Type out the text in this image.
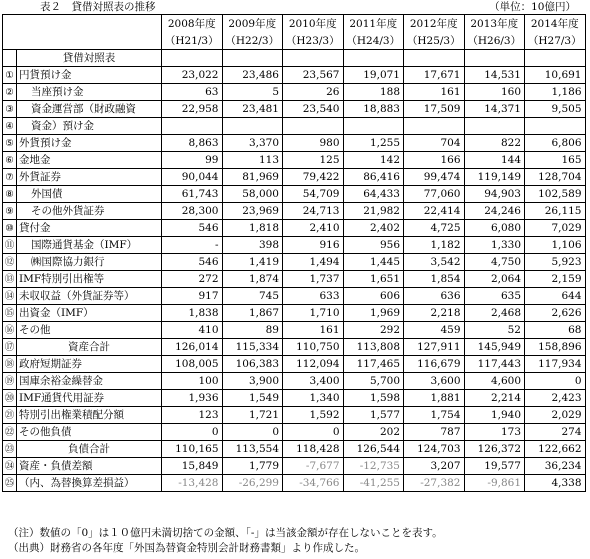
表２　貸借対照表の推移	（単位：10億円）
		2008年度	2009年度	2010年度	2011年度	2012年度	2013年度	2014年度
		（H21/3）	（H22/3）	（H23/3）	（H24/3）	（H25/3）	（H26/3）	（H27/3）
	貸借対照表							
①	円貨預け金	23,022	23,486	23,567	19,071	17,671	14,531	10,691
②	当座預け金	63	5	26	188	161	160	1,186
③	資金運営部（財政融資	22,958	23,481	23,540	18,883	17,509	14,371	9,505
④	資金）預け金							
⑤	外貨預け金	8,863	3,370	980	1,255	704	822	6,806
⑥	金地金	99	113	125	142	166	144	165
⑦	外貨証券	90,044	81,969	79,422	86,416	99,474	119,149	128,704
⑧	外国債	61,743	58,000	54,709	64,433	77,060	94,903	102,589
⑨	その他外貨証券	28,300	23,969	24,713	21,982	22,414	24,246	26,115
⑩	貸付金	546	1,818	2,410	2,402	4,725	6,080	7,029
⑪	国際通貨基金（IMF）	-	398	916	956	1,182	1,330	1,106
⑫	㈱国際協力銀行	546	1,419	1,494	1,445	3,542	4,750	5,923
⑬	IMF特別引出権等	272	1,874	1,737	1,651	1,854	2,064	2,159
⑭	未収収益（外貨証券等）	917	745	633	606	636	635	644
⑮	出資金（IMF）	1,838	1,867	1,710	1,969	2,218	2,468	2,626
⑯	その他	410	89	161	292	459	52	68
⑰	資産合計	126,014	115,334	110,750	113,808	127,911	145,949	158,896
⑱	政府短期証券	108,005	106,383	112,094	117,465	116,679	117,443	117,934
⑲	国庫余裕金繰替金	100	3,900	3,400	5,700	3,600	4,600	0
⑳	IMF通貨代用証券	1,936	1,549	1,340	1,598	1,881	2,214	2,423
㉑	特別引出権業積配分額	123	1,721	1,592	1,577	1,754	1,940	2,029
㉒	その他負債	0	0	0	202	787	173	274
㉓	負債合計	110,165	113,554	118,428	126,544	124,703	126,372	122,662
㉔	資産・負債差額	15,849	1,779	-7,677	-12,735	3,207	19,577	36,234
㉕	（内、為替換算差損益）	-13,428	-26,299	-34,766	-41,255	-27,382	-9,861	4,338
（注）数値の「0」は１０億円未満切捨ての金額、「-」は当該金額が存在しないことを表す。
（出典）財務省の各年度「外国為替資金特別会計財務書類」より作成した。
